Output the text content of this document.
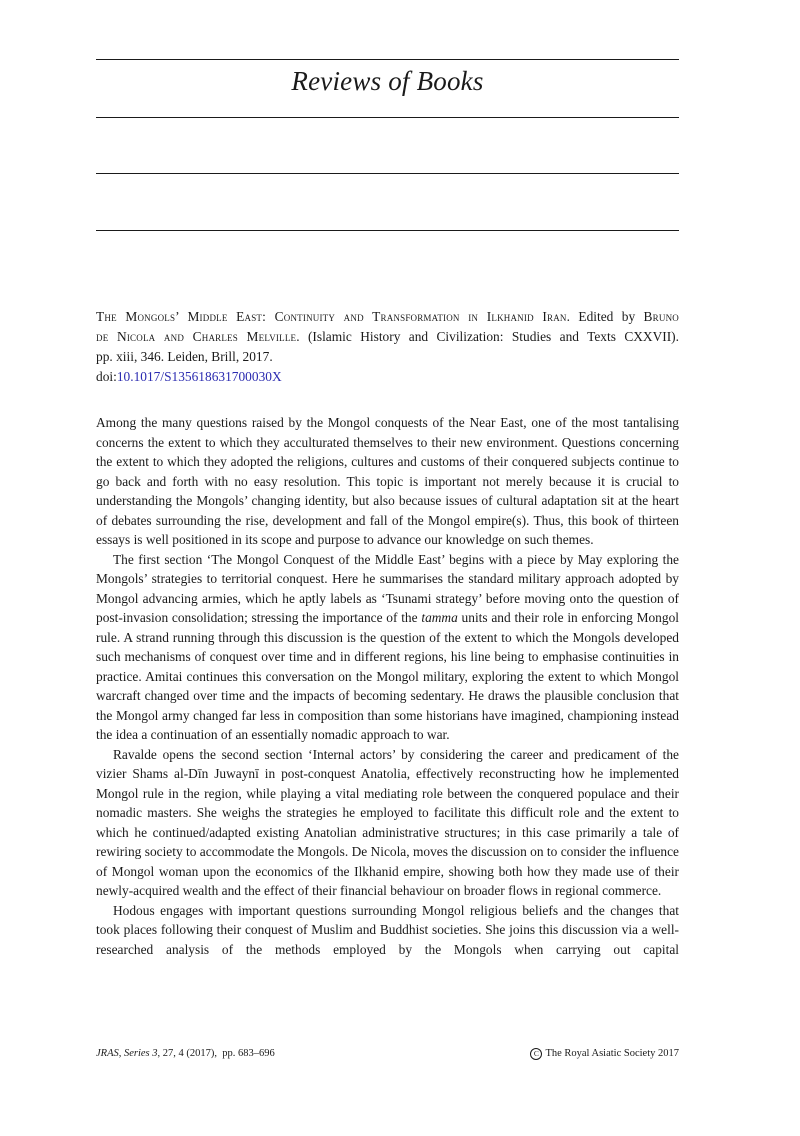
Reviews of Books
The Mongols’ Middle East: Continuity and Transformation in Ilkhanid Iran. Edited by Bruno
de Nicola and Charles Melville. (Islamic History and Civilization: Studies and Texts CXXVII).
pp. xiii, 346. Leiden, Brill, 2017.
doi:10.1017/S135618631700030X

Among the many questions raised by the Mongol conquests of the Near East, one of the most tantalising concerns the extent to which they acculturated themselves to their new environment. Questions concerning the extent to which they adopted the religions, cultures and customs of their conquered subjects continue to go back and forth with no easy resolution. This topic is important not merely because it is crucial to understanding the Mongols’ changing identity, but also because issues of cultural adaptation sit at the heart of debates surrounding the rise, development and fall of the Mongol empire(s). Thus, this book of thirteen essays is well positioned in its scope and purpose to advance our knowledge on such themes.

The first section ‘The Mongol Conquest of the Middle East’ begins with a piece by May exploring the Mongols’ strategies to territorial conquest. Here he summarises the standard military approach adopted by Mongol advancing armies, which he aptly labels as ‘Tsunami strategy’ before moving onto the question of post-invasion consolidation; stressing the importance of the tamma units and their role in enforcing Mongol rule. A strand running through this discussion is the question of the extent to which the Mongols developed such mechanisms of conquest over time and in different regions, his line being to emphasise continuities in practice. Amitai continues this conversation on the Mongol military, exploring the extent to which Mongol warcraft changed over time and the impacts of becoming sedentary. He draws the plausible conclusion that the Mongol army changed far less in composition than some historians have imagined, championing instead the idea a continuation of an essentially nomadic approach to war.

Ravalde opens the second section ‘Internal actors’ by considering the career and predicament of the vizier Shams al-Dīn Juwaynī in post-conquest Anatolia, effectively reconstructing how he implemented Mongol rule in the region, while playing a vital mediating role between the conquered populace and their nomadic masters. She weighs the strategies he employed to facilitate this difficult role and the extent to which he continued/adapted existing Anatolian administrative structures; in this case primarily a tale of rewiring society to accommodate the Mongols. De Nicola, moves the discussion on to consider the influence of Mongol woman upon the economics of the Ilkhanid empire, showing both how they made use of their newly-acquired wealth and the effect of their financial behaviour on broader flows in regional commerce.

Hodous engages with important questions surrounding Mongol religious beliefs and the changes that took places following their conquest of Muslim and Buddhist societies. She joins this discussion via a well-researched analysis of the methods employed by the Mongols when carrying out capital

JRAS, Series 3, 27, 4 (2017), pp. 683–696	C The Royal Asiatic Society 2017
